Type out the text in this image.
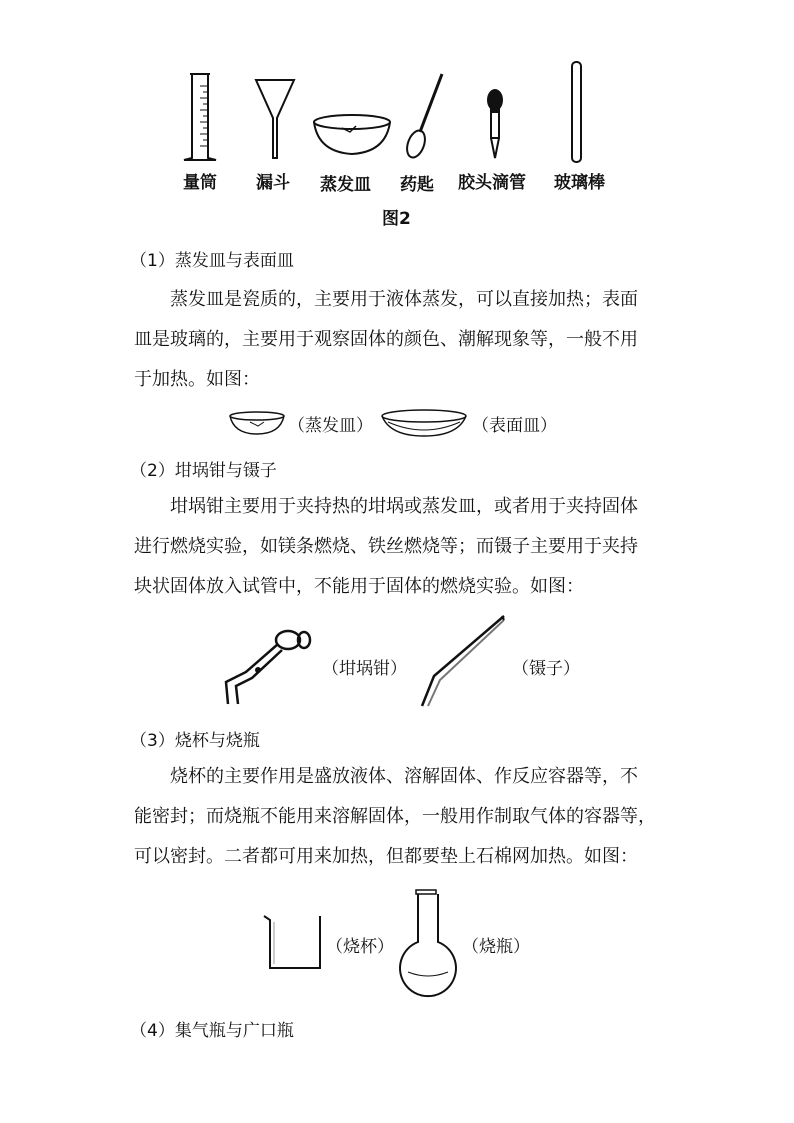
量筒 漏斗 蒸发皿 药匙 胶头滴管 玻璃棒
图2
（1）蒸发皿与表面皿
蒸发皿是瓷质的，主要用于液体蒸发，可以直接加热；表面
皿是玻璃的，主要用于观察固体的颜色、潮解现象等，一般不用
于加热。如图：
（蒸发皿）	（表面皿）
（2）坩埚钳与镊子
坩埚钳主要用于夹持热的坩埚或蒸发皿，或者用于夹持固体
进行燃烧实验，如镁条燃烧、铁丝燃烧等；而镊子主要用于夹持
块状固体放入试管中，不能用于固体的燃烧实验。如图：
（坩埚钳）	（镊子）
（3）烧杯与烧瓶
烧杯的主要作用是盛放液体、溶解固体、作反应容器等，不
能密封；而烧瓶不能用来溶解固体，一般用作制取气体的容器等，
可以密封。二者都可用来加热，但都要垫上石棉网加热。如图：
（烧杯）	（烧瓶）
（4）集气瓶与广口瓶
